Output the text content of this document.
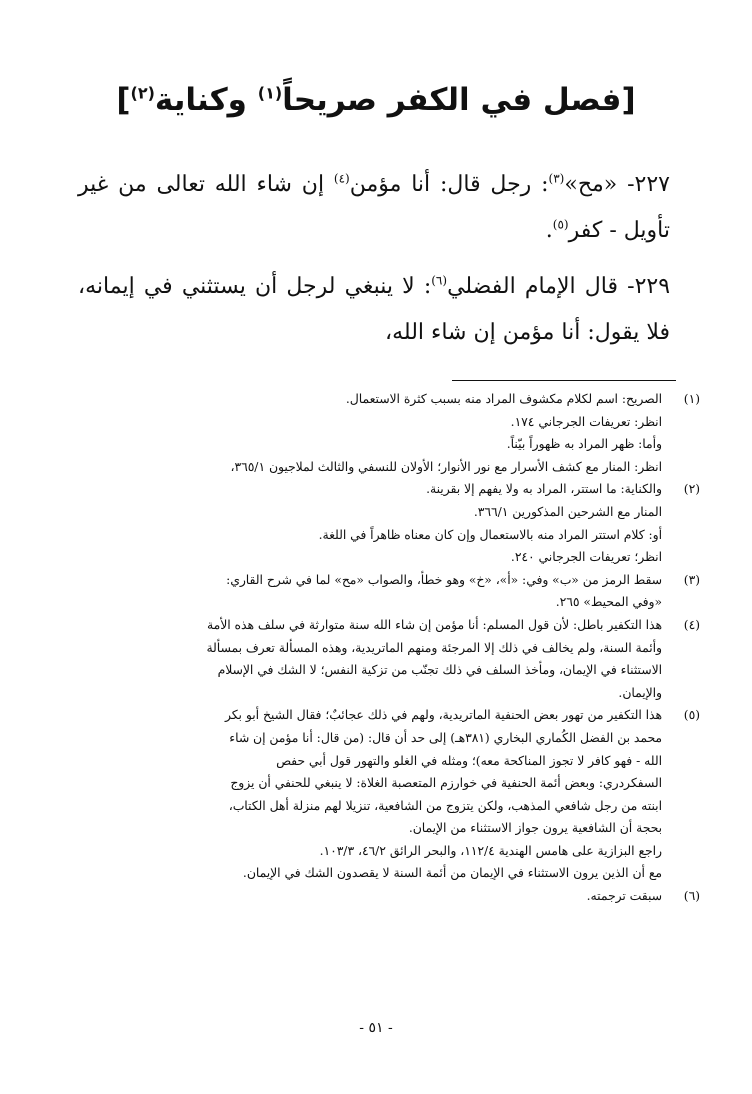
[فصل في الكفر صريحاً$^{(١)}$ وكناية$^{(٢)}$]
٢٢٧- «مح»$^{(٣)}$: رجل قال: أنا مؤمن$^{(٤)}$ إن شاء الله تعالى من غير تأويل - كفر$^{(٥)}$.
٢٢٩- قال الإمام الفضلي$^{(٦)}$: لا ينبغي لرجل أن يستثني في إيمانه، فلا يقول: أنا مؤمن إن شاء الله،
(١)
الصريح: اسم لكلام مكشوف المراد منه بسبب كثرة الاستعمال.
انظر: تعريفات الجرجاني ١٧٤.
وأما: ظهر المراد به ظهوراً بيّناً.
انظر: المنار مع كشف الأسرار مع نور الأنوار؛ الأولان للنسفي والثالث لملاجيون ٣٦٥/١،
(٢)
والكناية: ما استتر، المراد به ولا يفهم إلا بقرينة.
المنار مع الشرحين المذكورين ٣٦٦/١.
أو: كلام استتر المراد منه بالاستعمال وإن كان معناه ظاهراً في اللغة.
انظر؛ تعريفات الجرجاني ٢٤٠.
(٣)
سقط الرمز من «ب» وفي: «أ»، «خ» وهو خطأ، والصواب «مح» لما في شرح القاري:
«وفي المحيط» ٢٦٥.
(٤)
هذا التكفير باطل: لأن قول المسلم: أنا مؤمن إن شاء الله سنة متوارثة في سلف هذه الأمة
وأئمة السنة، ولم يخالف في ذلك إلا المرجئة ومنهم الماتريدية، وهذه المسألة تعرف بمسألة
الاستثناء في الإيمان، ومأخذ السلف في ذلك تجنّب من تزكية النفس؛ لا الشك في الإسلام
والإيمان.
(٥)
هذا التكفير من تهور بعض الحنفية الماتريدية، ولهم في ذلك عجائبٌ؛ فقال الشيخ أبو بكر
محمد بن الفضل الكُماري البخاري (٣٨١هـ) إلى حد أن قال: (من قال: أنا مؤمن إن شاء
الله - فهو كافر لا تجوز المناكحة معه)؛ ومثله في الغلو والتهور قول أبي حفص
السفكردري: وبعض أئمة الحنفية في خوارزم المتعصبة الغلاة: لا ينبغي للحنفي أن يزوج
ابنته من رجل شافعي المذهب، ولكن يتزوج من الشافعية، تنزيلا لهم منزلة أهل الكتاب،
بحجة أن الشافعية يرون جواز الاستثناء من الإيمان.
راجع البزازية على هامس الهندية ١١٢/٤، والبحر الرائق ٤٦/٢، ١٠٣/٣.
مع أن الذين يرون الاستثناء في الإيمان من أئمة السنة لا يقصدون الشك في الإيمان.
(٦)
سبقت ترجمته.
- ٥١ -
